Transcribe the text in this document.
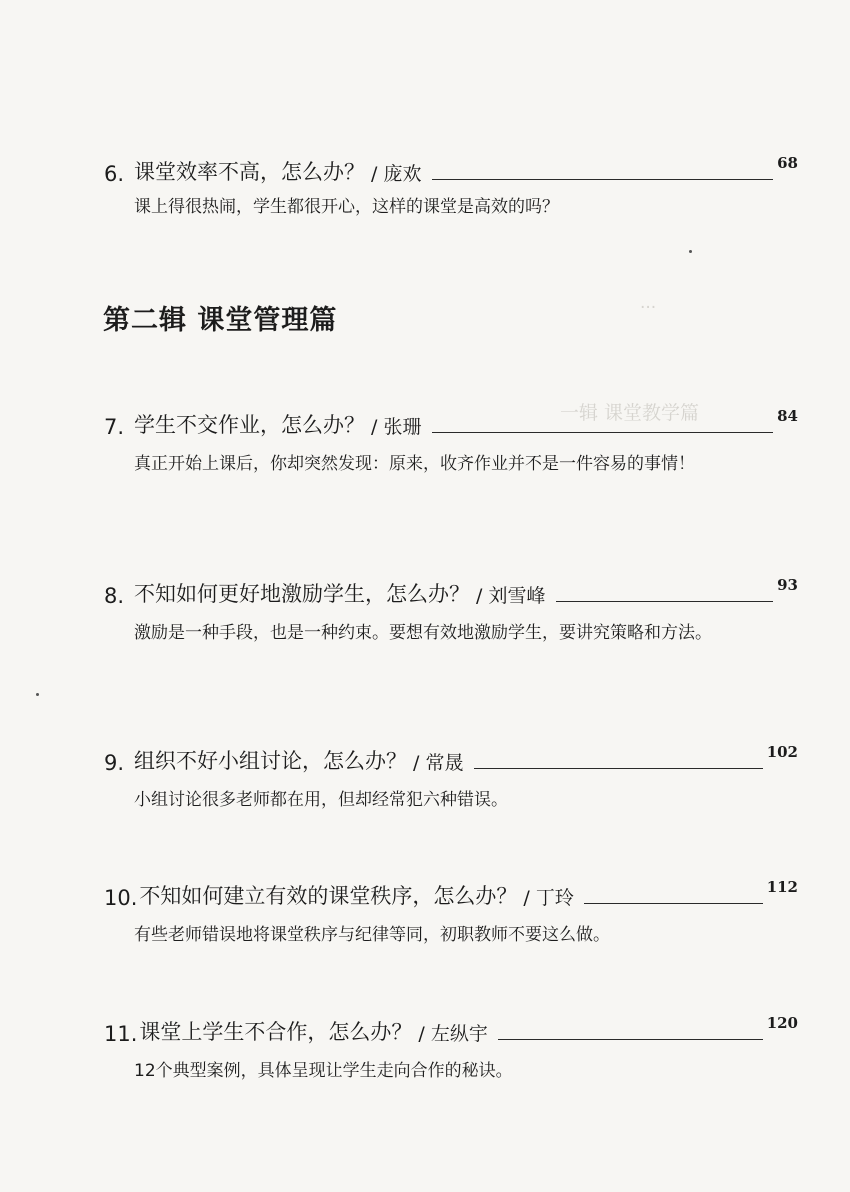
一辑 课堂教学篇
···
6. 课堂效率不高，怎么办？ / 庞欢	68
课上得很热闹，学生都很开心，这样的课堂是高效的吗？
第二辑 课堂管理篇
7. 学生不交作业，怎么办？ / 张珊	84
真正开始上课后，你却突然发现：原来，收齐作业并不是一件容易的事情！
8. 不知如何更好地激励学生，怎么办？ / 刘雪峰	93
激励是一种手段，也是一种约束。要想有效地激励学生，要讲究策略和方法。
9. 组织不好小组讨论，怎么办？ / 常晟	102
小组讨论很多老师都在用，但却经常犯六种错误。
10. 不知如何建立有效的课堂秩序，怎么办？ / 丁玲	112
有些老师错误地将课堂秩序与纪律等同，初职教师不要这么做。
11. 课堂上学生不合作，怎么办？ / 左纵宇	120
12个典型案例，具体呈现让学生走向合作的秘诀。
